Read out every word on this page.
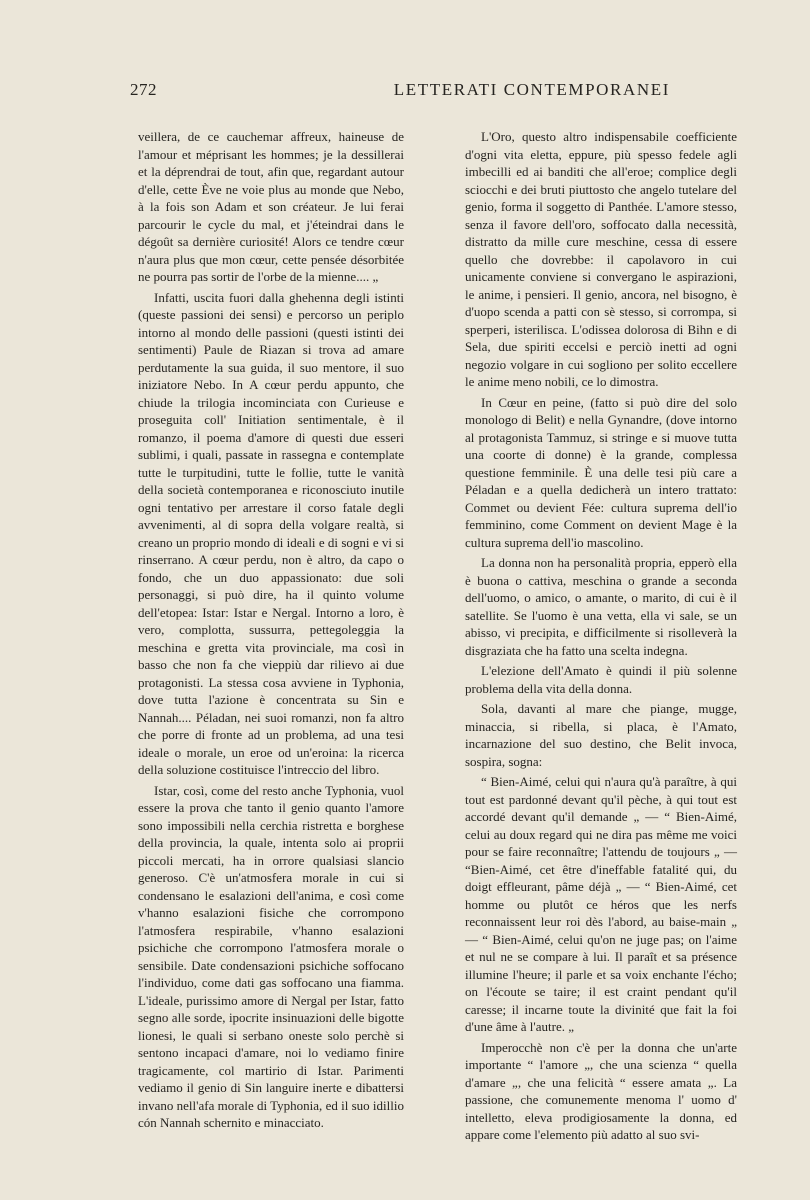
272	LETTERATI CONTEMPORANEI

veillera, de ce cauchemar affreux, haineuse de l'amour et méprisant les hommes; je la dessillerai et la déprendrai de tout, afin que, regardant autour d'elle, cette Ève ne voie plus au monde que Nebo, à la fois son Adam et son créateur. Je lui ferai parcourir le cycle du mal, et j'éteindrai dans le dégoût sa dernière curiosité! Alors ce tendre cœur n'aura plus que mon cœur, cette pensée désorbitée ne pourra pas sortir de l'orbe de la mienne.... „

Infatti, uscita fuori dalla ghehenna degli istinti (queste passioni dei sensi) e percorso un periplo intorno al mondo delle passioni (questi istinti dei sentimenti) Paule de Riazan si trova ad amare perdutamente la sua guida, il suo mentore, il suo iniziatore Nebo. In A cœur perdu appunto, che chiude la trilogia incominciata con Curieuse e proseguita coll' Initiation sentimentale, è il romanzo, il poema d'amore di questi due esseri sublimi, i quali, passate in rassegna e contemplate tutte le turpitudini, tutte le follie, tutte le vanità della società contemporanea e riconosciuto inutile ogni tentativo per arrestare il corso fatale degli avvenimenti, al di sopra della volgare realtà, si creano un proprio mondo di ideali e di sogni e vi si rinserrano. A cœur perdu, non è altro, da capo o fondo, che un duo appassionato: due soli personaggi, si può dire, ha il quinto volume dell'etopea: Istar: Istar e Nergal. Intorno a loro, è vero, complotta, sussurra, pettegoleggia la meschina e gretta vita provinciale, ma così in basso che non fa che vieppiù dar rilievo ai due protagonisti. La stessa cosa avviene in Typhonia, dove tutta l'azione è concentrata su Sin e Nannah.... Péladan, nei suoi romanzi, non fa altro che porre di fronte ad un problema, ad una tesi ideale o morale, un eroe od un'eroina: la ricerca della soluzione costituisce l'intreccio del libro.

Istar, così, come del resto anche Typhonia, vuol essere la prova che tanto il genio quanto l'amore sono impossibili nella cerchia ristretta e borghese della provincia, la quale, intenta solo ai proprii piccoli mercati, ha in orrore qualsiasi slancio generoso. C'è un'atmosfera morale in cui si condensano le esalazioni dell'anima, e così come v'hanno esalazioni fisiche che corrompono l'atmosfera respirabile, v'hanno esalazioni psichiche che corrompono l'atmosfera morale o sensibile. Date condensazioni psichiche soffocano l'individuo, come dati gas soffocano una fiamma. L'ideale, purissimo amore di Nergal per Istar, fatto segno alle sorde, ipocrite insinuazioni delle bigotte lionesi, le quali si serbano oneste solo perchè si sentono incapaci d'amare, noi lo vediamo finire tragicamente, col martirio di Istar. Parimenti vediamo il genio di Sin languire inerte e dibattersi invano nell'afa morale di Typhonia, ed il suo idillio cón Nannah schernito e minacciato.

L'Oro, questo altro indispensabile coefficiente d'ogni vita eletta, eppure, più spesso fedele agli imbecilli ed ai banditi che all'eroe; complice degli sciocchi e dei bruti piuttosto che angelo tutelare del genio, forma il soggetto di Panthée. L'amore stesso, senza il favore dell'oro, soffocato dalla necessità, distratto da mille cure meschine, cessa di essere quello che dovrebbe: il capolavoro in cui unicamente conviene si convergano le aspirazioni, le anime, i pensieri. Il genio, ancora, nel bisogno, è d'uopo scenda a patti con sè stesso, si corrompa, si sperperi, isterilisca. L'odissea dolorosa di Bihn e di Sela, due spiriti eccelsi e perciò inetti ad ogni negozio volgare in cui sogliono per solito eccellere le anime meno nobili, ce lo dimostra.

In Cœur en peine, (fatto si può dire del solo monologo di Belit) e nella Gynandre, (dove intorno al protagonista Tammuz, si stringe e si muove tutta una coorte di donne) è la grande, complessa questione femminile. È una delle tesi più care a Péladan e a quella dedicherà un intero trattato: Commet ou devient Fée: cultura suprema dell'io femminino, come Comment on devient Mage è la cultura suprema dell'io mascolino.

La donna non ha personalità propria, epperò ella è buona o cattiva, meschina o grande a seconda dell'uomo, o amico, o amante, o marito, di cui è il satellite. Se l'uomo è una vetta, ella vi sale, se un abisso, vi precipita, e difficilmente si risolleverà la disgraziata che ha fatto una scelta indegna.

L'elezione dell'Amato è quindi il più solenne problema della vita della donna.

Sola, davanti al mare che piange, mugge, minaccia, si ribella, si placa, è l'Amato, incarnazione del suo destino, che Belit invoca, sospira, sogna:

“ Bien-Aimé, celui qui n'aura qu'à paraître, à qui tout est pardonné devant qu'il pèche, à qui tout est accordé devant qu'il demande „ — “ Bien-Aimé, celui au doux regard qui ne dira pas même me voici pour se faire reconnaître; l'attendu de toujours „ — “Bien-Aimé, cet être d'ineffable fatalité qui, du doigt effleurant, pâme déjà „ — “ Bien-Aimé, cet homme ou plutôt ce héros que les nerfs reconnaissent leur roi dès l'abord, au baise-main „ — “ Bien-Aimé, celui qu'on ne juge pas; on l'aime et nul ne se compare à lui. Il paraît et sa présence illumine l'heure; il parle et sa voix enchante l'écho; on l'écoute se taire; il est craint pendant qu'il caresse; il incarne toute la divinité que fait la foi d'une âme à l'autre. „

Imperocchè non c'è per la donna che un'arte importante “ l'amore „, che una scienza “ quella d'amare „, che una felicità “ essere amata „. La passione, che comunemente menoma l' uomo d' intelletto, eleva prodigiosamente la donna, ed appare come l'elemento più adatto al suo svi-
